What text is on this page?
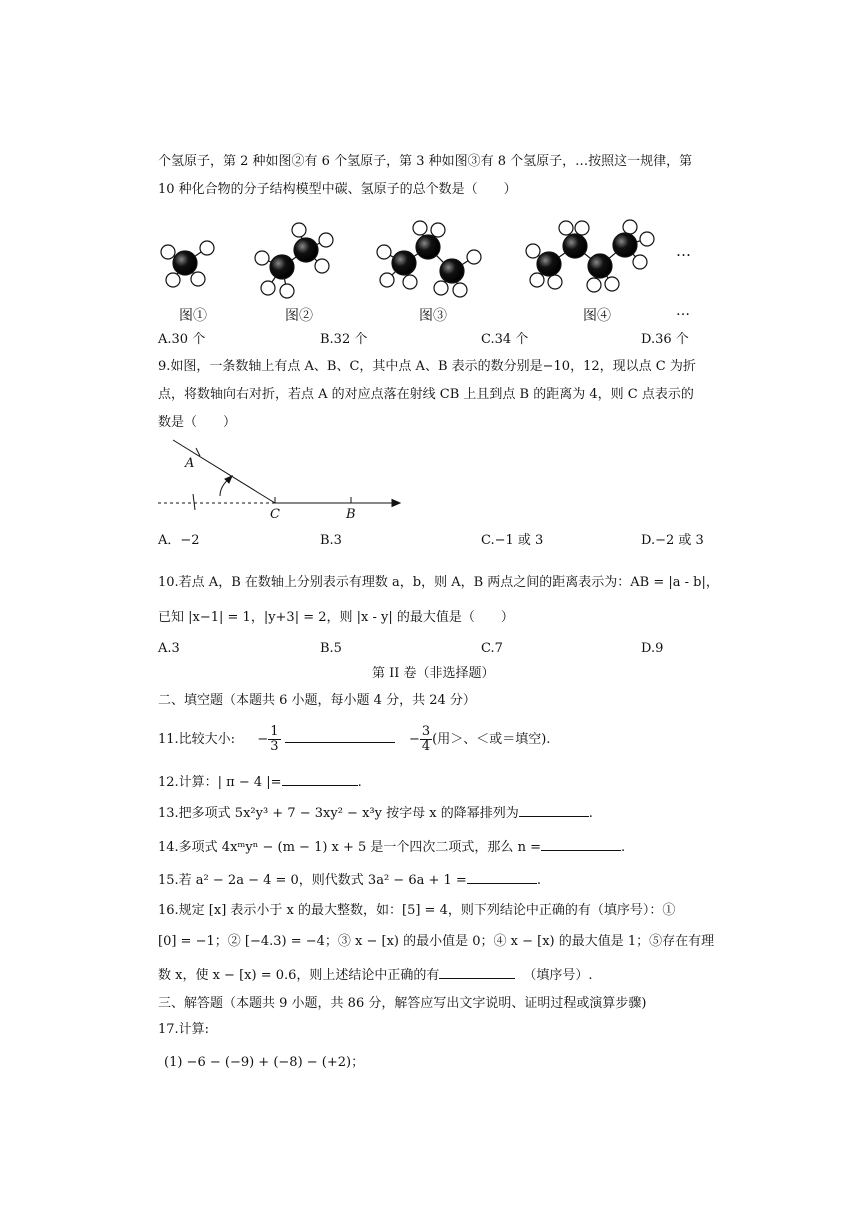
个氢原子，第 2 种如图②有 6 个氢原子，第 3 种如图③有 8 个氢原子，…按照这一规律，第
10 种化合物的分子结构模型中碳、氢原子的总个数是（　　）
…
图①	图②	图③	图④	…
A.30 个	B.32 个	C.34 个	D.36 个
9.如图，一条数轴上有点 A、B、C，其中点 A、B 表示的数分别是−10，12，现以点 C 为折
点，将数轴向右对折，若点 A 的对应点落在射线 CB 上且到点 B 的距离为 4，则 C 点表示的
数是（　　）
A
C	B
A．−2	B.3	C.−1 或 3	D.−2 或 3
10.若点 A，B 在数轴上分别表示有理数 a，b，则 A，B 两点之间的距离表示为：AB = |a - b|，
已知 |x−1| = 1，|y+3| = 2，则 |x - y| 的最大值是（　　）
A.3	B.5	C.7	D.9
第 II 卷（非选择题）
二、填空题（本题共 6 小题，每小题 4 分，共 24 分）
11.比较大小: − $\frac{1}{3}$	− $\frac{3}{4}$ (用＞、＜或＝填空).
12.计算：| π − 4 |=	.
13.把多项式 5x²y³ + 7 − 3xy² − x³y 按字母 x 的降幂排列为	.
14.多项式 4xᵐyⁿ − (m − 1) x + 5 是一个四次二项式，那么 n =	.
15.若 a² − 2a − 4 = 0，则代数式 3a² − 6a + 1 =	.
16.规定 [x] 表示小于 x 的最大整数，如：[5] = 4，则下列结论中正确的有（填序号）：①
[0] = −1；② [−4.3) = −4；③ x − [x) 的最小值是 0；④ x − [x) 的最大值是 1；⑤存在有理
数 x，使 x − [x) = 0.6，则上述结论中正确的有	（填序号）.
三、解答题（本题共 9 小题，共 86 分，解答应写出文字说明、证明过程或演算步骤)
17.计算:
(1) −6 − (−9) + (−8) − (+2)；
